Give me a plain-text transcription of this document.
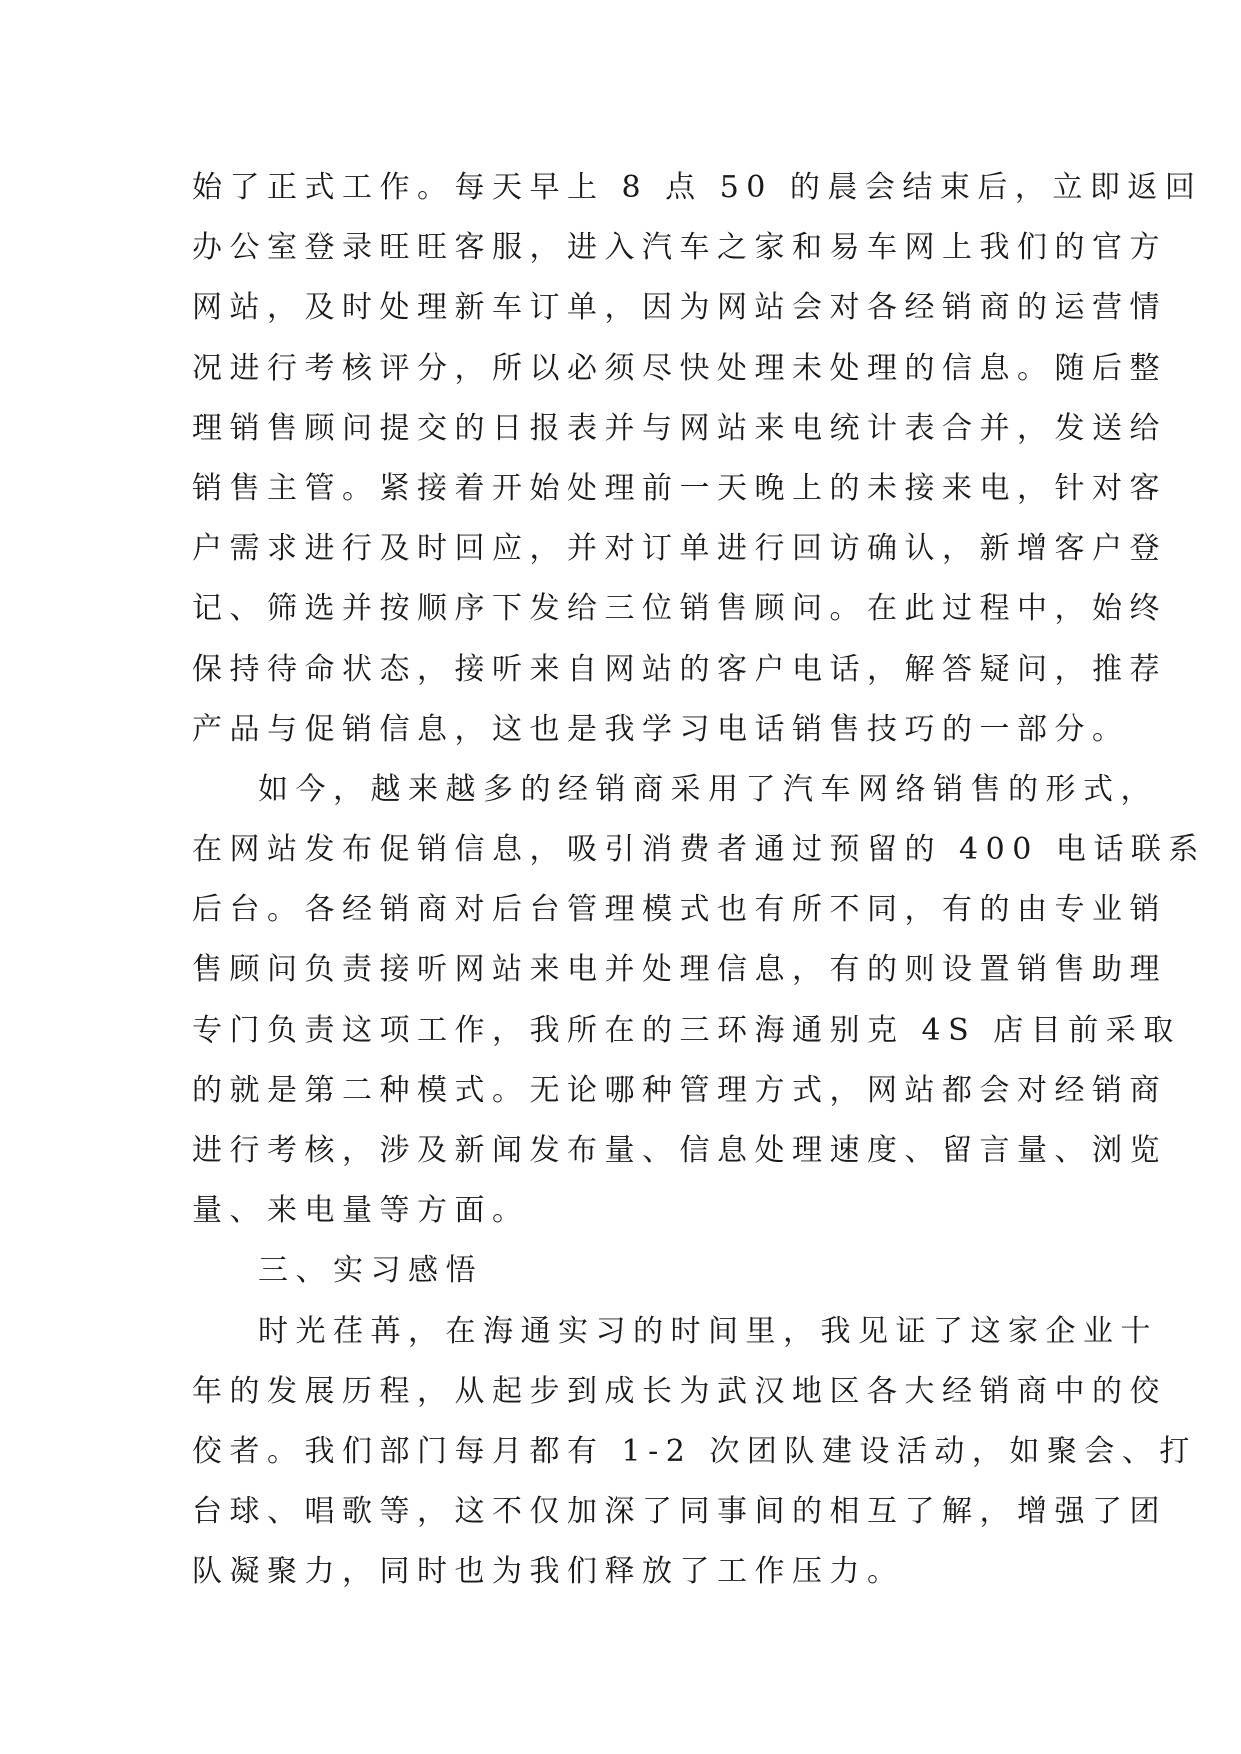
始了正式工作。每天早上 8 点 50 的晨会结束后，立即返回
办公室登录旺旺客服，进入汽车之家和易车网上我们的官方
网站，及时处理新车订单，因为网站会对各经销商的运营情
况进行考核评分，所以必须尽快处理未处理的信息。随后整
理销售顾问提交的日报表并与网站来电统计表合并，发送给
销售主管。紧接着开始处理前一天晚上的未接来电，针对客
户需求进行及时回应，并对订单进行回访确认，新增客户登
记、筛选并按顺序下发给三位销售顾问。在此过程中，始终
保持待命状态，接听来自网站的客户电话，解答疑问，推荐
产品与促销信息，这也是我学习电话销售技巧的一部分。
如今，越来越多的经销商采用了汽车网络销售的形式，
在网站发布促销信息，吸引消费者通过预留的 400 电话联系
后台。各经销商对后台管理模式也有所不同，有的由专业销
售顾问负责接听网站来电并处理信息，有的则设置销售助理
专门负责这项工作，我所在的三环海通别克 4S 店目前采取
的就是第二种模式。无论哪种管理方式，网站都会对经销商
进行考核，涉及新闻发布量、信息处理速度、留言量、浏览
量、来电量等方面。
三、实习感悟
时光荏苒，在海通实习的时间里，我见证了这家企业十
年的发展历程，从起步到成长为武汉地区各大经销商中的佼
佼者。我们部门每月都有 1-2 次团队建设活动，如聚会、打
台球、唱歌等，这不仅加深了同事间的相互了解，增强了团
队凝聚力，同时也为我们释放了工作压力。
